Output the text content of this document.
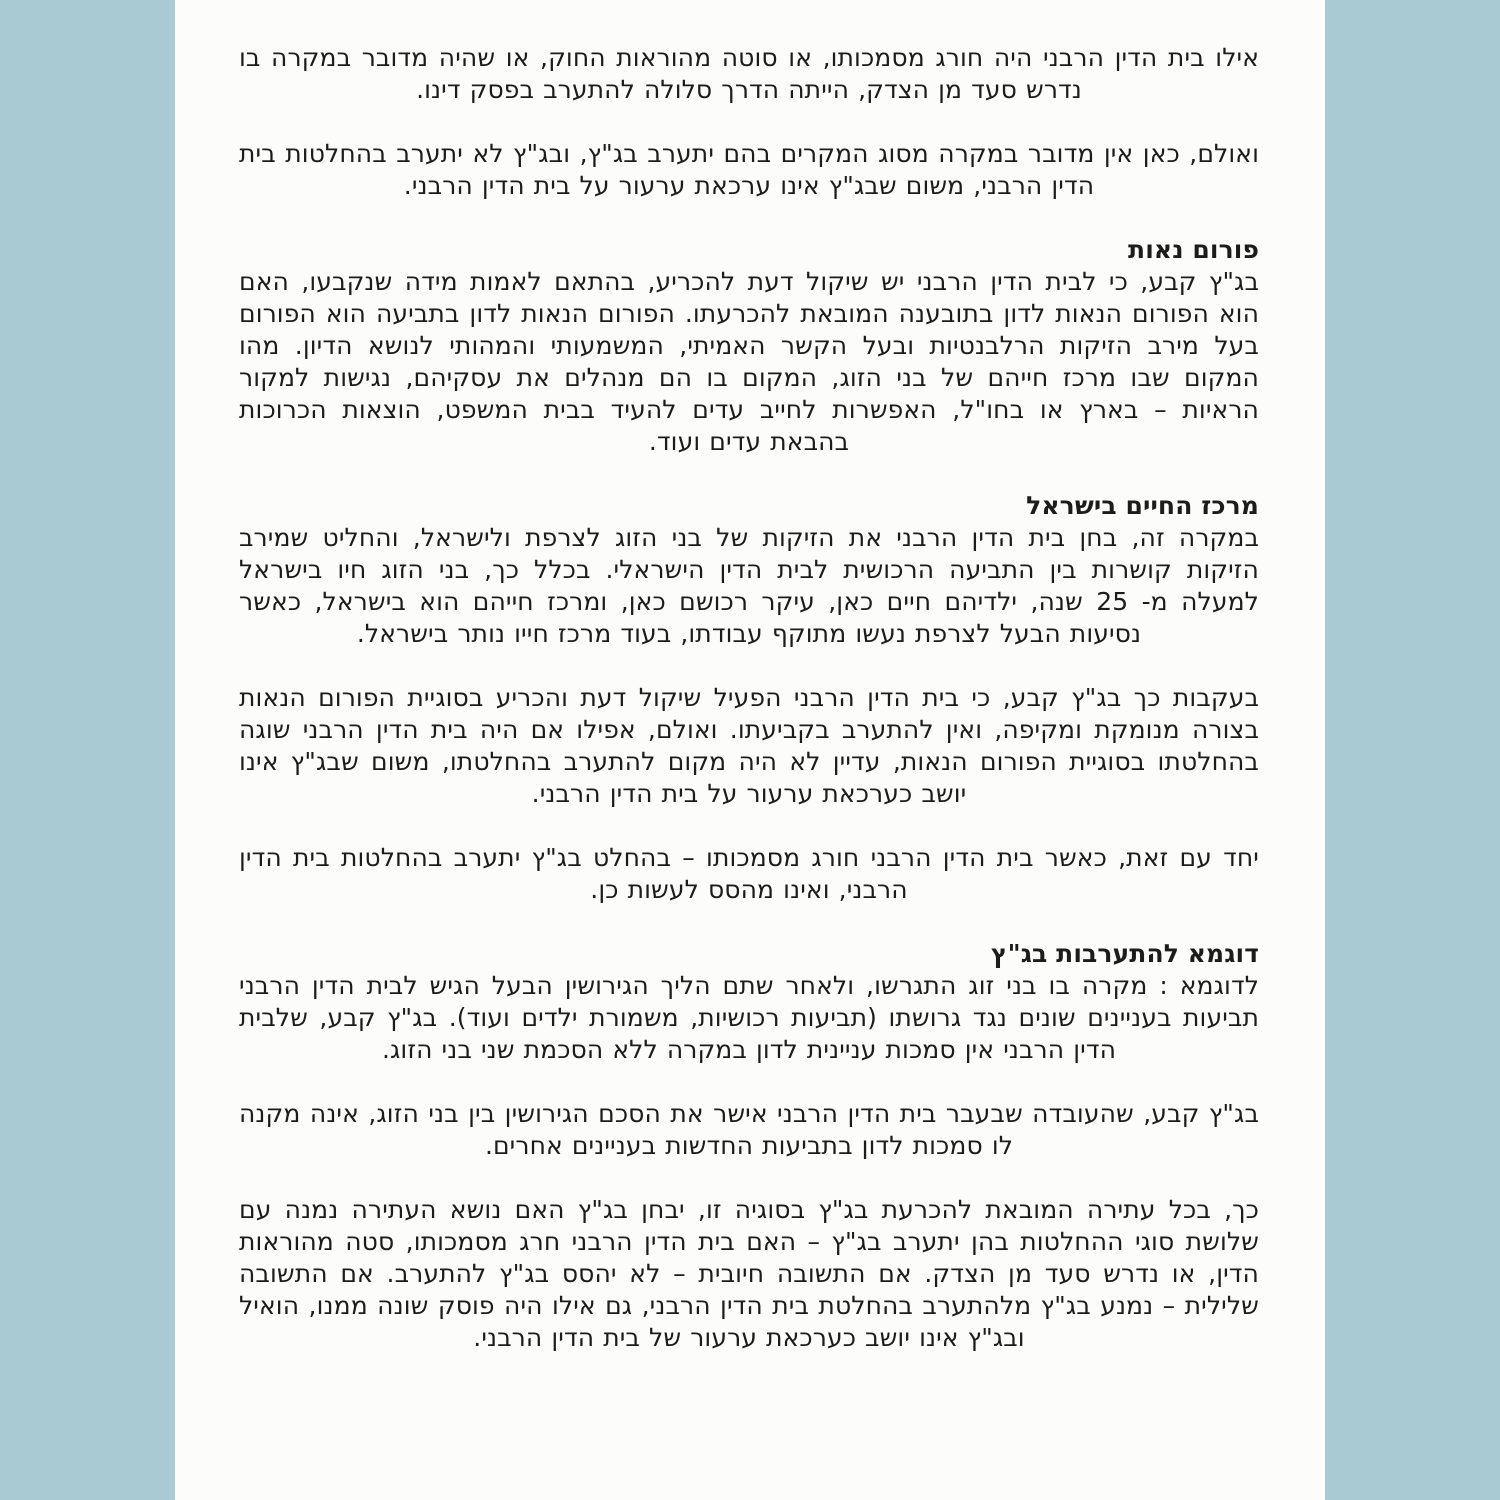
אילו בית הדין הרבני היה חורג מסמכותו, או סוטה מהוראות החוק, או שהיה מדובר במקרה בו נדרש סעד מן הצדק, הייתה הדרך סלולה להתערב בפסק דינו.

ואולם, כאן אין מדובר במקרה מסוג המקרים בהם יתערב בג"ץ, ובג"ץ לא יתערב בהחלטות בית הדין הרבני, משום שבג"ץ אינו ערכאת ערעור על בית הדין הרבני.

פורום נאות

בג"ץ קבע, כי לבית הדין הרבני יש שיקול דעת להכריע, בהתאם לאמות מידה שנקבעו, האם הוא הפורום הנאות לדון בתובענה המובאת להכרעתו. הפורום הנאות לדון בתביעה הוא הפורום בעל מירב הזיקות הרלבנטיות ובעל הקשר האמיתי, המשמעותי והמהותי לנושא הדיון. מהו המקום שבו מרכז חייהם של בני הזוג, המקום בו הם מנהלים את עסקיהם, נגישות למקור הראיות – בארץ או בחו"ל, האפשרות לחייב עדים להעיד בבית המשפט, הוצאות הכרוכות בהבאת עדים ועוד.

מרכז החיים בישראל

במקרה זה, בחן בית הדין הרבני את הזיקות של בני הזוג לצרפת ולישראל, והחליט שמירב הזיקות קושרות בין התביעה הרכושית לבית הדין הישראלי. בכלל כך, בני הזוג חיו בישראל למעלה מ- 25 שנה, ילדיהם חיים כאן, עיקר רכושם כאן, ומרכז חייהם הוא בישראל, כאשר נסיעות הבעל לצרפת נעשו מתוקף עבודתו, בעוד מרכז חייו נותר בישראל.

בעקבות כך בג"ץ קבע, כי בית הדין הרבני הפעיל שיקול דעת והכריע בסוגיית הפורום הנאות בצורה מנומקת ומקיפה, ואין להתערב בקביעתו. ואולם, אפילו אם היה בית הדין הרבני שוגה בהחלטתו בסוגיית הפורום הנאות, עדיין לא היה מקום להתערב בהחלטתו, משום שבג"ץ אינו יושב כערכאת ערעור על בית הדין הרבני.

יחד עם זאת, כאשר בית הדין הרבני חורג מסמכותו – בהחלט בג"ץ יתערב בהחלטות בית הדין הרבני, ואינו מהסס לעשות כן.

דוגמא להתערבות בג"ץ

לדוגמא : מקרה בו בני זוג התגרשו, ולאחר שתם הליך הגירושין הבעל הגיש לבית הדין הרבני תביעות בעניינים שונים נגד גרושתו (תביעות רכושיות, משמורת ילדים ועוד). בג"ץ קבע, שלבית הדין הרבני אין סמכות עניינית לדון במקרה ללא הסכמת שני בני הזוג.

בג"ץ קבע, שהעובדה שבעבר בית הדין הרבני אישר את הסכם הגירושין בין בני הזוג, אינה מקנה לו סמכות לדון בתביעות החדשות בעניינים אחרים.

כך, בכל עתירה המובאת להכרעת בג"ץ בסוגיה זו, יבחן בג"ץ האם נושא העתירה נמנה עם שלושת סוגי ההחלטות בהן יתערב בג"ץ – האם בית הדין הרבני חרג מסמכותו, סטה מהוראות הדין, או נדרש סעד מן הצדק. אם התשובה חיובית – לא יהסס בג"ץ להתערב. אם התשובה שלילית – נמנע בג"ץ מלהתערב בהחלטת בית הדין הרבני, גם אילו היה פוסק שונה ממנו, הואיל ובג"ץ אינו יושב כערכאת ערעור של בית הדין הרבני.
